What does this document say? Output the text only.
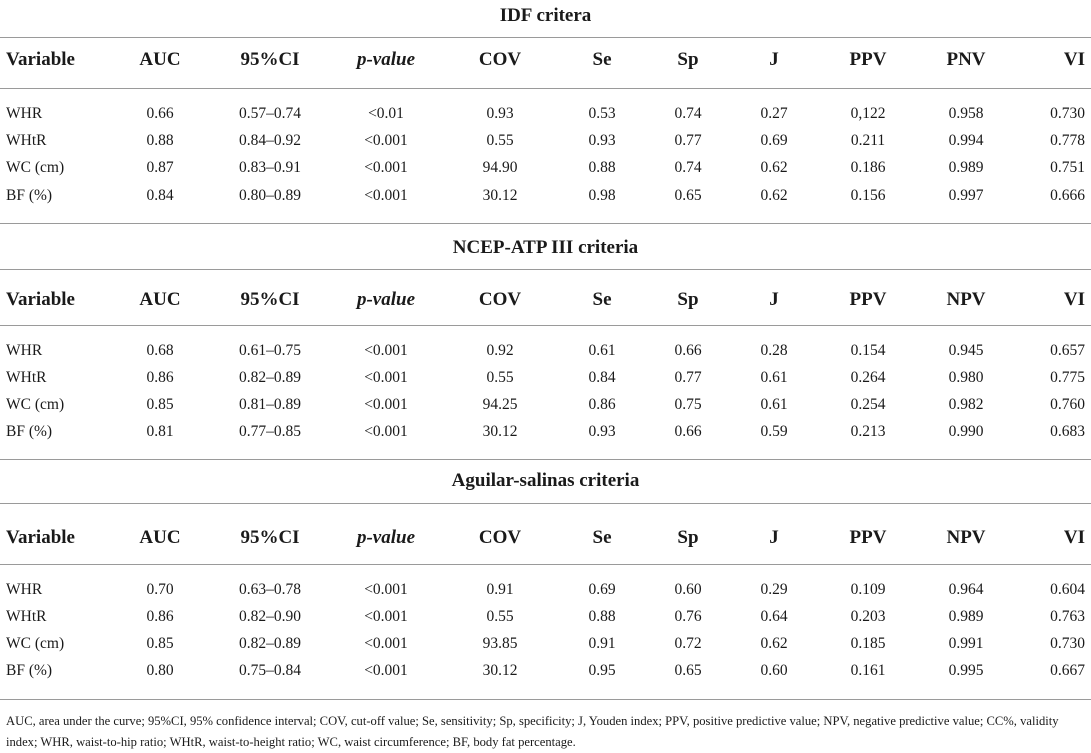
IDF critera
Variable	AUC	95%CI	p-value	COV	Se	Sp	J	PPV	PNV	VI
WHR	0.66	0.57–0.74	<0.01	0.93	0.53	0.74	0.27	0,122	0.958	0.730
WHtR	0.88	0.84–0.92	<0.001	0.55	0.93	0.77	0.69	0.211	0.994	0.778
WC (cm)	0.87	0.83–0.91	<0.001	94.90	0.88	0.74	0.62	0.186	0.989	0.751
BF (%)	0.84	0.80–0.89	<0.001	30.12	0.98	0.65	0.62	0.156	0.997	0.666
NCEP-ATP III criteria
Variable	AUC	95%CI	p-value	COV	Se	Sp	J	PPV	NPV	VI
WHR	0.68	0.61–0.75	<0.001	0.92	0.61	0.66	0.28	0.154	0.945	0.657
WHtR	0.86	0.82–0.89	<0.001	0.55	0.84	0.77	0.61	0.264	0.980	0.775
WC (cm)	0.85	0.81–0.89	<0.001	94.25	0.86	0.75	0.61	0.254	0.982	0.760
BF (%)	0.81	0.77–0.85	<0.001	30.12	0.93	0.66	0.59	0.213	0.990	0.683
Aguilar-salinas criteria
Variable	AUC	95%CI	p-value	COV	Se	Sp	J	PPV	NPV	VI
WHR	0.70	0.63–0.78	<0.001	0.91	0.69	0.60	0.29	0.109	0.964	0.604
WHtR	0.86	0.82–0.90	<0.001	0.55	0.88	0.76	0.64	0.203	0.989	0.763
WC (cm)	0.85	0.82–0.89	<0.001	93.85	0.91	0.72	0.62	0.185	0.991	0.730
BF (%)	0.80	0.75–0.84	<0.001	30.12	0.95	0.65	0.60	0.161	0.995	0.667
AUC, area under the curve; 95%CI, 95% confidence interval; COV, cut-off value; Se, sensitivity; Sp, specificity; J, Youden index; PPV, positive predictive value; NPV, negative predictive value; CC%, validity index; WHR, waist-to-hip ratio; WHtR, waist-to-height ratio; WC, waist circumference; BF, body fat percentage.
